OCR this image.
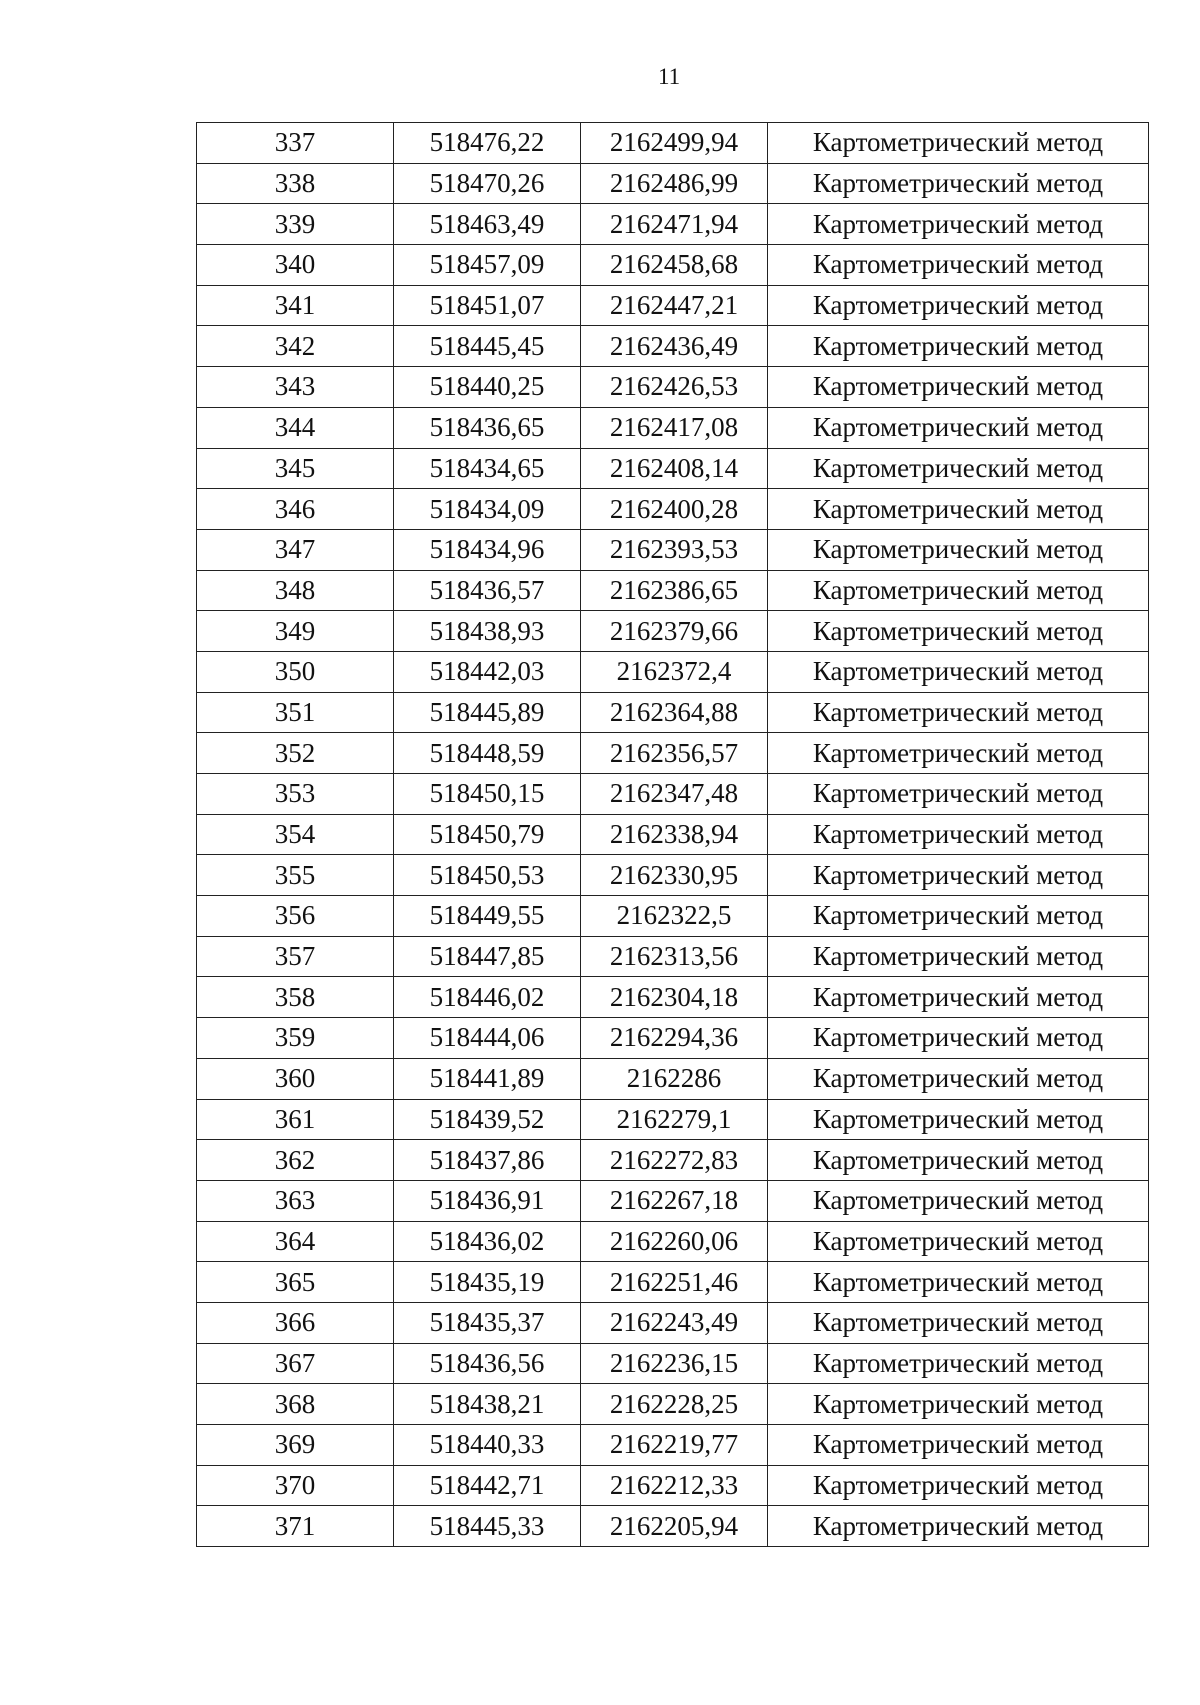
11
337	518476,22	2162499,94	Картометрический метод
338	518470,26	2162486,99	Картометрический метод
339	518463,49	2162471,94	Картометрический метод
340	518457,09	2162458,68	Картометрический метод
341	518451,07	2162447,21	Картометрический метод
342	518445,45	2162436,49	Картометрический метод
343	518440,25	2162426,53	Картометрический метод
344	518436,65	2162417,08	Картометрический метод
345	518434,65	2162408,14	Картометрический метод
346	518434,09	2162400,28	Картометрический метод
347	518434,96	2162393,53	Картометрический метод
348	518436,57	2162386,65	Картометрический метод
349	518438,93	2162379,66	Картометрический метод
350	518442,03	2162372,4	Картометрический метод
351	518445,89	2162364,88	Картометрический метод
352	518448,59	2162356,57	Картометрический метод
353	518450,15	2162347,48	Картометрический метод
354	518450,79	2162338,94	Картометрический метод
355	518450,53	2162330,95	Картометрический метод
356	518449,55	2162322,5	Картометрический метод
357	518447,85	2162313,56	Картометрический метод
358	518446,02	2162304,18	Картометрический метод
359	518444,06	2162294,36	Картометрический метод
360	518441,89	2162286	Картометрический метод
361	518439,52	2162279,1	Картометрический метод
362	518437,86	2162272,83	Картометрический метод
363	518436,91	2162267,18	Картометрический метод
364	518436,02	2162260,06	Картометрический метод
365	518435,19	2162251,46	Картометрический метод
366	518435,37	2162243,49	Картометрический метод
367	518436,56	2162236,15	Картометрический метод
368	518438,21	2162228,25	Картометрический метод
369	518440,33	2162219,77	Картометрический метод
370	518442,71	2162212,33	Картометрический метод
371	518445,33	2162205,94	Картометрический метод
